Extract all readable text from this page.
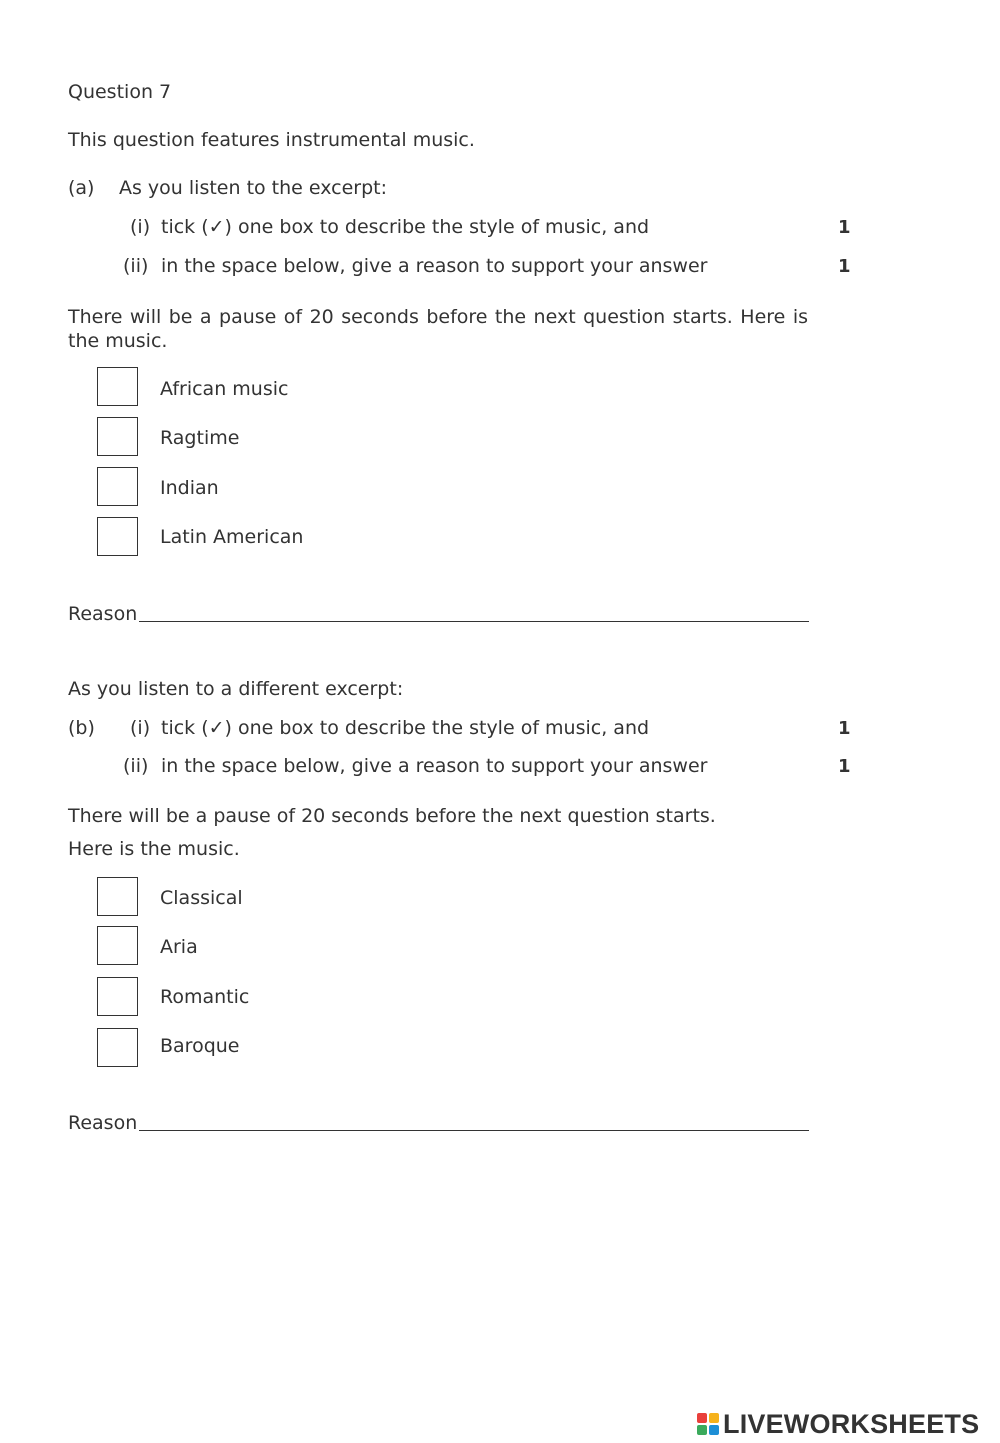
Question 7
This question features instrumental music.
(a) As you listen to the excerpt:
(i) tick (✓) one box to describe the style of music, and	1
(ii) in the space below, give a reason to support your answer	1
There will be a pause of 20 seconds before the next question starts. Here is the music.
African music
Ragtime
Indian
Latin American
Reason
As you listen to a different excerpt:
(b) (i) tick (✓) one box to describe the style of music, and	1
(ii) in the space below, give a reason to support your answer	1
There will be a pause of 20 seconds before the next question starts.
Here is the music.
Classical
Aria
Romantic
Baroque
Reason
LIVEWORKSHEETS
